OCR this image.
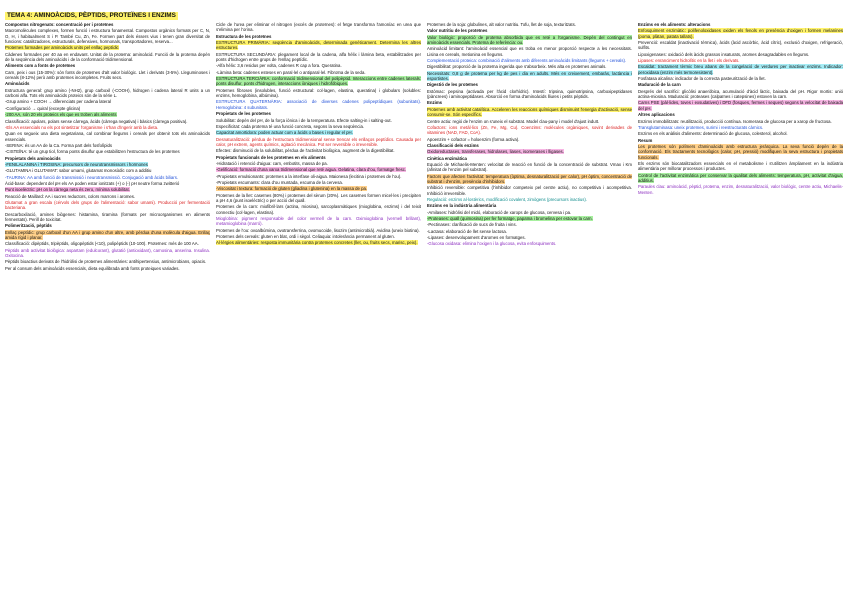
TEMA 4: AMINOÀCIDS, PÈPTIDS, PROTEÏNES I ENZIMS

Compostos nitrogenats: concentració per i proteïnes

Macromolècules complexes, formen funció i estructura fonamental. Compostos orgànics formats per C, N, O, H, i habitualment S i P. També Cu, Zn, Fe. Formen part dels éssers vius i tenen gran diversitat de funcions: catalitzadores, estructurals, defensives, hormonals, transportadores, reserva...

Proteïnes formades per aminoàcids units pel enllaç peptídic

Càdenes formades per 40 aa en endavant. Unitat de la proteïna: aminoàcid. Funció de la proteïna depèn de la seqüència dels aminoàcids i de la conformació tridimensional.

Aliments com a fonts de proteïnes

Carn, peix i ous (15-30%): són fonts de proteïnes d'alt valor biològic. Llet i derivats (3-5%). Lleguminoses i cereals (8-12%) però amb proteïnes incompletes. Fruits secs.

Aminoàcids

Estructura general: grup amino (-NH2), grup carboxil (-COOH), hidrogen i cadena lateral R units a un carboni alfa. Tots els aminoàcids proteics són de la sèrie L.

-Grup amino + COOH → diferenciats per cadena lateral

-Configuració → quiral (excepte glicina)

-200 AA, són 20 els proteics els que es troben als aliments

Classificació: apolars, polars sense càrrega, àcids (càrrega negativa) i bàsics (càrrega positiva).

-Els AA essencials no els pot sintetitzar l'organisme i s'han d'ingerir amb la dieta.

Quan es segueix una dieta vegetariana, cal combinar llegums i cereals per obtenir tots els aminoàcids essencials.

-SERINA: és un AA de la Ca. Forma part dels fosfolípids

-CISTEÏNA: té un grup tiol, forma ponts disulfur que estabilitzen l'estructura de les proteïnes

Propietats dels aminoàcids

-FENILALANINA i TIROSINA: precursors de neurotransmissors i hormones

-GLUTAMINA i GLUTAMAT: sabor umami, glutamat monosòdic com a additiu

-TAURINA: AA amb funció de transmissió i neurotransmissió. Conjugació amb àcids biliars.

Àcid-base: dependent del pH els AA poden estar ionitzats (+) o (-) pH neutre forma zwitterió

Punt isoelèctric: pH on la càrrega neta és zero, mínima solubilitat.

Reacció de Maillard: AA i sucres reductors, colors marrons i aromes.

Glutamat a gran escala (cérvols dels grups de l'alimentació: sabor umami). Producció per fermentació bacteriana.

Descarboxilació, amines biògenes: histamina, tiramina (formats per microorganismes en aliments fermentats). Perill de toxicitat.

Polimerització, pèptids

Enllaç peptídic: grup carboxil d'un AA i grup amino d'un altre, amb pèrdua d'una molècula d'aigua. Enllaç amida rígid i planar.

Classificació: dipèptids, tripèptids, oligopèptids (<10), polipèptids (10-100). Proteïnes: més de 100 AA.

Pèptids amb activitat biològica: aspartam (edulcorant), glutatió (antioxidant), carnosina, anserina. Insulina. Oxitocina.

Pèptids bioactius derivats de l'hidròlisi de proteïnes alimentàries: antihipertensius, antimicrobians, opiacis.

Per al consum dels aminoàcids essencials, dieta equilibrada amb fonts proteiques variades.

Cicle de l'urea per eliminar el nitrogen (excés de proteïnes): el fetge transforma l'amoníac en urea que s'elimina per l'orina.

Estructura de les proteïnes

ESTRUCTURA PRIMÀRIA: seqüència d'aminoàcids, determinada genèticament. Determina les altres estructures.

ESTRUCTURA SECUNDÀRIA: plegament local de la cadena, alfa hèlix i làmina beta, estabilitzades per ponts d'hidrogen entre grups de l'enllaç peptídic.

-Alfa hèlix: 3,6 residus per volta, cadenes R cap a fora. Queratina.

-Làmina beta: cadenes esteses en paral·lel o antiparal·lel. Fibroïna de la seda.

ESTRUCTURA TERCIÀRIA: conformació tridimensional del polipèptid. Interaccions entre cadenes laterals: ponts disulfur, ponts d'hidrogen, interaccions iòniques i hidrofòbiques.

Proteïnes fibroses (insolubles, funció estructural: col·lagen, elastina, queratina) i globulars (solubles: enzims, hemoglobina, albúmina).

ESTRUCTURA QUATERNÀRIA: associació de diverses cadenes polipeptídiques (subunitats). Hemoglobina: 4 subunitats.

Propietats de les proteïnes

Solubilitat: depèn del pH, de la força iònica i de la temperatura. Efecte salting-in i salting-out.

Especificitat: cada proteïna té una funció concreta, segons la seva seqüència.

Capacitat amortidora: poden actuar com a àcids o bases i regular el pH.

Desnaturalització: pèrdua de l'estructura tridimensional sense trencar els enllaços peptídics. Causada per calor, pH extrem, agents químics, agitació mecànica. Pot ser reversible o irreversible.

Efectes: disminució de la solubilitat, pèrdua de l'activitat biològica, augment de la digestibilitat.

Propietats funcionals de les proteïnes en els aliments

-Hidratació i retenció d'aigua: carn, embotits, massa de pa.

-Gelificació: formació d'una xarxa tridimensional que reté aigua. Gelatina, clara d'ou, formatge fresc.

-Propietats emulsionants: proteïnes a la interfase oli-aigua. Maionesa (lecitina i proteïnes de l'ou).

-Propietats escumants: clara d'ou muntada, escuma de la cervesa.

-Viscositat i textura: formació de gluten (gliadina i glutenina) en la massa de pa.

Proteïnes de la llet: caseïnes (80%) i proteïnes del sèrum (20%). Les caseïnes formen micel·les i precipiten a pH 4,6 (punt isoelèctric) o per acció del quall.

Proteïnes de la carn: miofibril·lars (actina, miosina), sarcoplasmàtiques (mioglobina, enzims) i del teixit connectiu (col·lagen, elastina).

Mioglobina: pigment responsable del color vermell de la carn. Oximioglobina (vermell brillant), metamioglobina (marró).

Proteïnes de l'ou: ovoalbúmina, ovotransferrina, ovomucoide, lisozim (antimicrobià). Avidina (uneix biotina).

Proteïnes dels cereals: gluten en blat, ordi i sègol. Celiaquia: intolerància permanent al gluten.

Al·lèrgies alimentàries: resposta immunitària contra proteïnes concretes (llet, ou, fruits secs, marisc, peix).

Proteïnes de la soja: globulines, alt valor nutritiu. Tofu, llet de soja, texturitzats.

Valor nutritiu de les proteïnes

Valor biològic: proporció de proteïna absorbida que es reté a l'organisme. Depèn del contingut en aminoàcids essencials. Proteïna de referència: ou.

Aminoàcid limitant: l'aminoàcid essencial que es troba en menor proporció respecte a les necessitats. Lisina en cereals, metionina en llegums.

Complementació proteica: combinació d'aliments amb diferents aminoàcids limitants (llegums + cereals).

Digestibilitat: proporció de la proteïna ingerida que s'absorbeix. Més alta en proteïnes animals.

Necessitats: 0,8 g de proteïna per kg de pes i dia en adults. Més en creixement, embaràs, lactància i esportistes.

Digestió de les proteïnes

Estómac: pepsina (activada per l'àcid clorhídric). Intestí: tripsina, quimotripsina, carboxipeptidases (pàncrees) i aminopeptidases. Absorció en forma d'aminoàcids lliures i petits pèptids.

Enzims

Proteïnes amb activitat catalítica. Acceleren les reaccions químiques disminuint l'energia d'activació, sense consumir-se. Són específics.

Centre actiu: regió de l'enzim on s'uneix el substrat. Model clau-pany i model d'ajust induït.

Cofactors: ions metàl·lics (Zn, Fe, Mg, Cu). Coenzims: molècules orgàniques, sovint derivades de vitamines (NAD, FAD, CoA).

Apoenzim + cofactor = holoenzim (forma activa).

Classificació dels enzims

Oxidoreductases, transferases, hidrolases, liases, isomerases i lligases.

Cinètica enzimàtica

Equació de Michaelis-Menten: velocitat de reacció en funció de la concentració de substrat. Vmax i Km (afinitat de l'enzim pel substrat).

Factors que afecten l'activitat: temperatura (òptima, desnaturalització per calor), pH òptim, concentració de substrat i d'enzim, presència d'inhibidors.

Inhibició reversible: competitiva (l'inhibidor competeix pel centre actiu), no competitiva i acompetitiva. Inhibició irreversible.

Regulació: enzims al·lostèrics, modificació covalent, zimògens (precursors inactius).

Enzims en la indústria alimentària

-Amilases: hidròlisi del midó, elaboració de xarops de glucosa, cervesa i pa.

-Proteases: quall (quimosina) per fer formatge, papaïna i bromelina per estovar la carn.

-Pectinases: clarificació de sucs de fruita i vins.

-Lactasa: elaboració de llet sense lactosa.

-Lipases: desenvolupament d'aromes en formatges.

-Glucosa oxidasa: elimina l'oxigen i la glucosa, evita enfosquiments.

Enzims en els aliments: alteracions

Enfosquiment enzimàtic: polifenoloxidases oxiden els fenols en presència d'oxigen i formen melanines (poma, plàtan, patata tallats).

Prevenció: escaldat (inactivació tèrmica), àcids (àcid ascòrbic, àcid cítric), exclusió d'oxigen, refrigeració, sulfits.

Lipoxigenases: oxidació dels àcids grassos insaturats, aromes desagradables en llegums.

Lipases: enranciment hidrolític en la llet i els derivats.

Escaldat: tractament tèrmic breu abans de la congelació de verdures per inactivar enzims. Indicador: peroxidasa (enzim més termoresistent).

Fosfatasa alcalina: indicador de la correcta pasteurització de la llet.

Maduració de la carn

Després del sacrifici: glicòlisi anaeròbica, acumulació d'àcid làctic, baixada del pH. Rigor mortis: unió actina-miosina. Maduració: proteases (calpaïnes i catepsines) estoven la carn.

Carns PSE (pàl·lides, toves i exsudatives) i DFD (fosques, fermes i seques) segons la velocitat de baixada del pH.

Altres aplicacions

Enzims immobilitzats: reutilització, producció contínua. Isomerasa de glucosa per a xarop de fructosa.

Transglutaminasa: uneix proteïnes, surimi i reestructurats càrnics.

Enzims en els anàlisis d'aliments: determinació de glucosa, colesterol, alcohol.

Resum

Les proteïnes són polímers d'aminoàcids amb estructura jeràrquica. La seva funció depèn de la conformació. Els tractaments tecnològics (calor, pH, pressió) modifiquen la seva estructura i propietats funcionals.

Els enzims són biocatalitzadors essencials en el metabolisme i s'utilitzen àmpliament en la indústria alimentària per millorar processos i productes.

Control de l'activitat enzimàtica per conservar la qualitat dels aliments: temperatura, pH, activitat d'aigua, additius.

Paraules clau: aminoàcid, pèptid, proteïna, enzim, desnaturalització, valor biològic, centre actiu, Michaelis-Menten.
